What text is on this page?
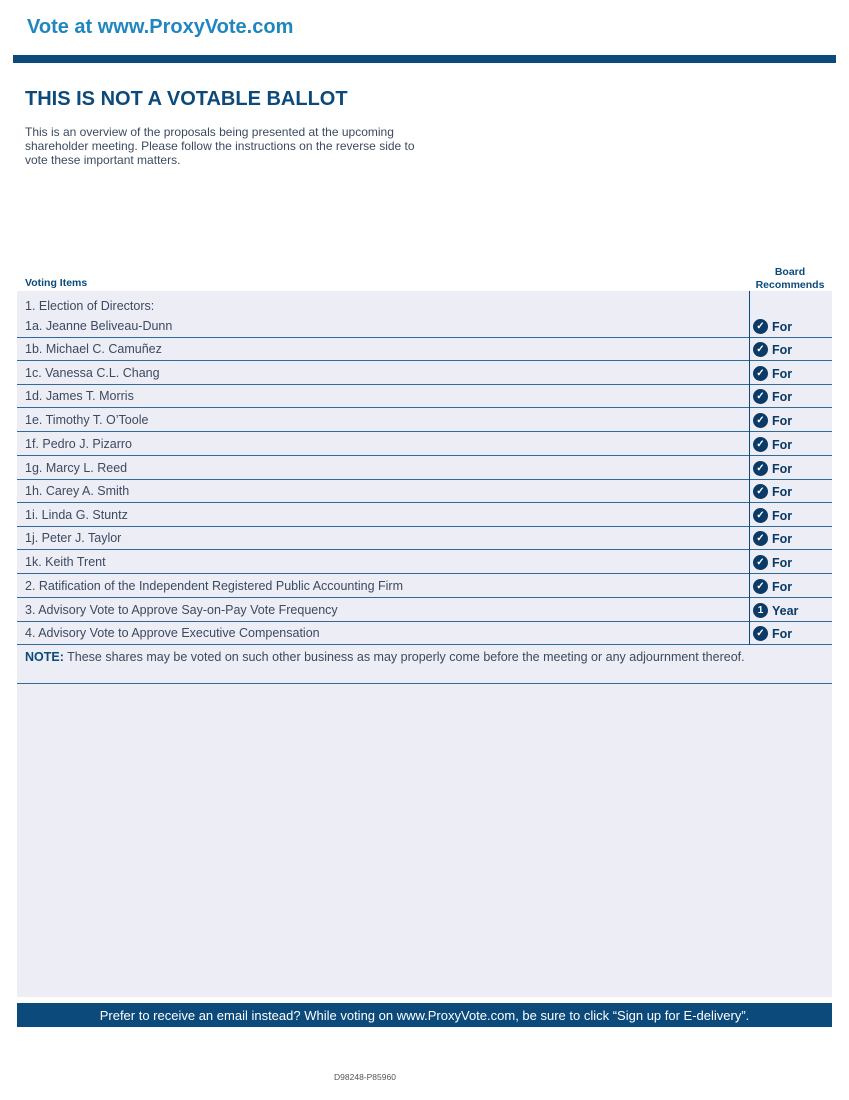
Vote at www.ProxyVote.com
THIS IS NOT A VOTABLE BALLOT
This is an overview of the proposals being presented at the upcoming shareholder meeting. Please follow the instructions on the reverse side to vote these important matters.
Voting Items
Board Recommends
1. Election of Directors:
1a. Jeanne Beliveau-Dunn	✓ For
1b. Michael C. Camuñez	✓ For
1c. Vanessa C.L. Chang	✓ For
1d. James T. Morris	✓ For
1e. Timothy T. O’Toole	✓ For
1f. Pedro J. Pizarro	✓ For
1g. Marcy L. Reed	✓ For
1h. Carey A. Smith	✓ For
1i. Linda G. Stuntz	✓ For
1j. Peter J. Taylor	✓ For
1k. Keith Trent	✓ For
2. Ratification of the Independent Registered Public Accounting Firm	✓ For
3. Advisory Vote to Approve Say-on-Pay Vote Frequency	1 Year
4. Advisory Vote to Approve Executive Compensation	✓ For
NOTE: These shares may be voted on such other business as may properly come before the meeting or any adjournment thereof.
Prefer to receive an email instead? While voting on www.ProxyVote.com, be sure to click “Sign up for E-delivery”.
D98248-P85960
